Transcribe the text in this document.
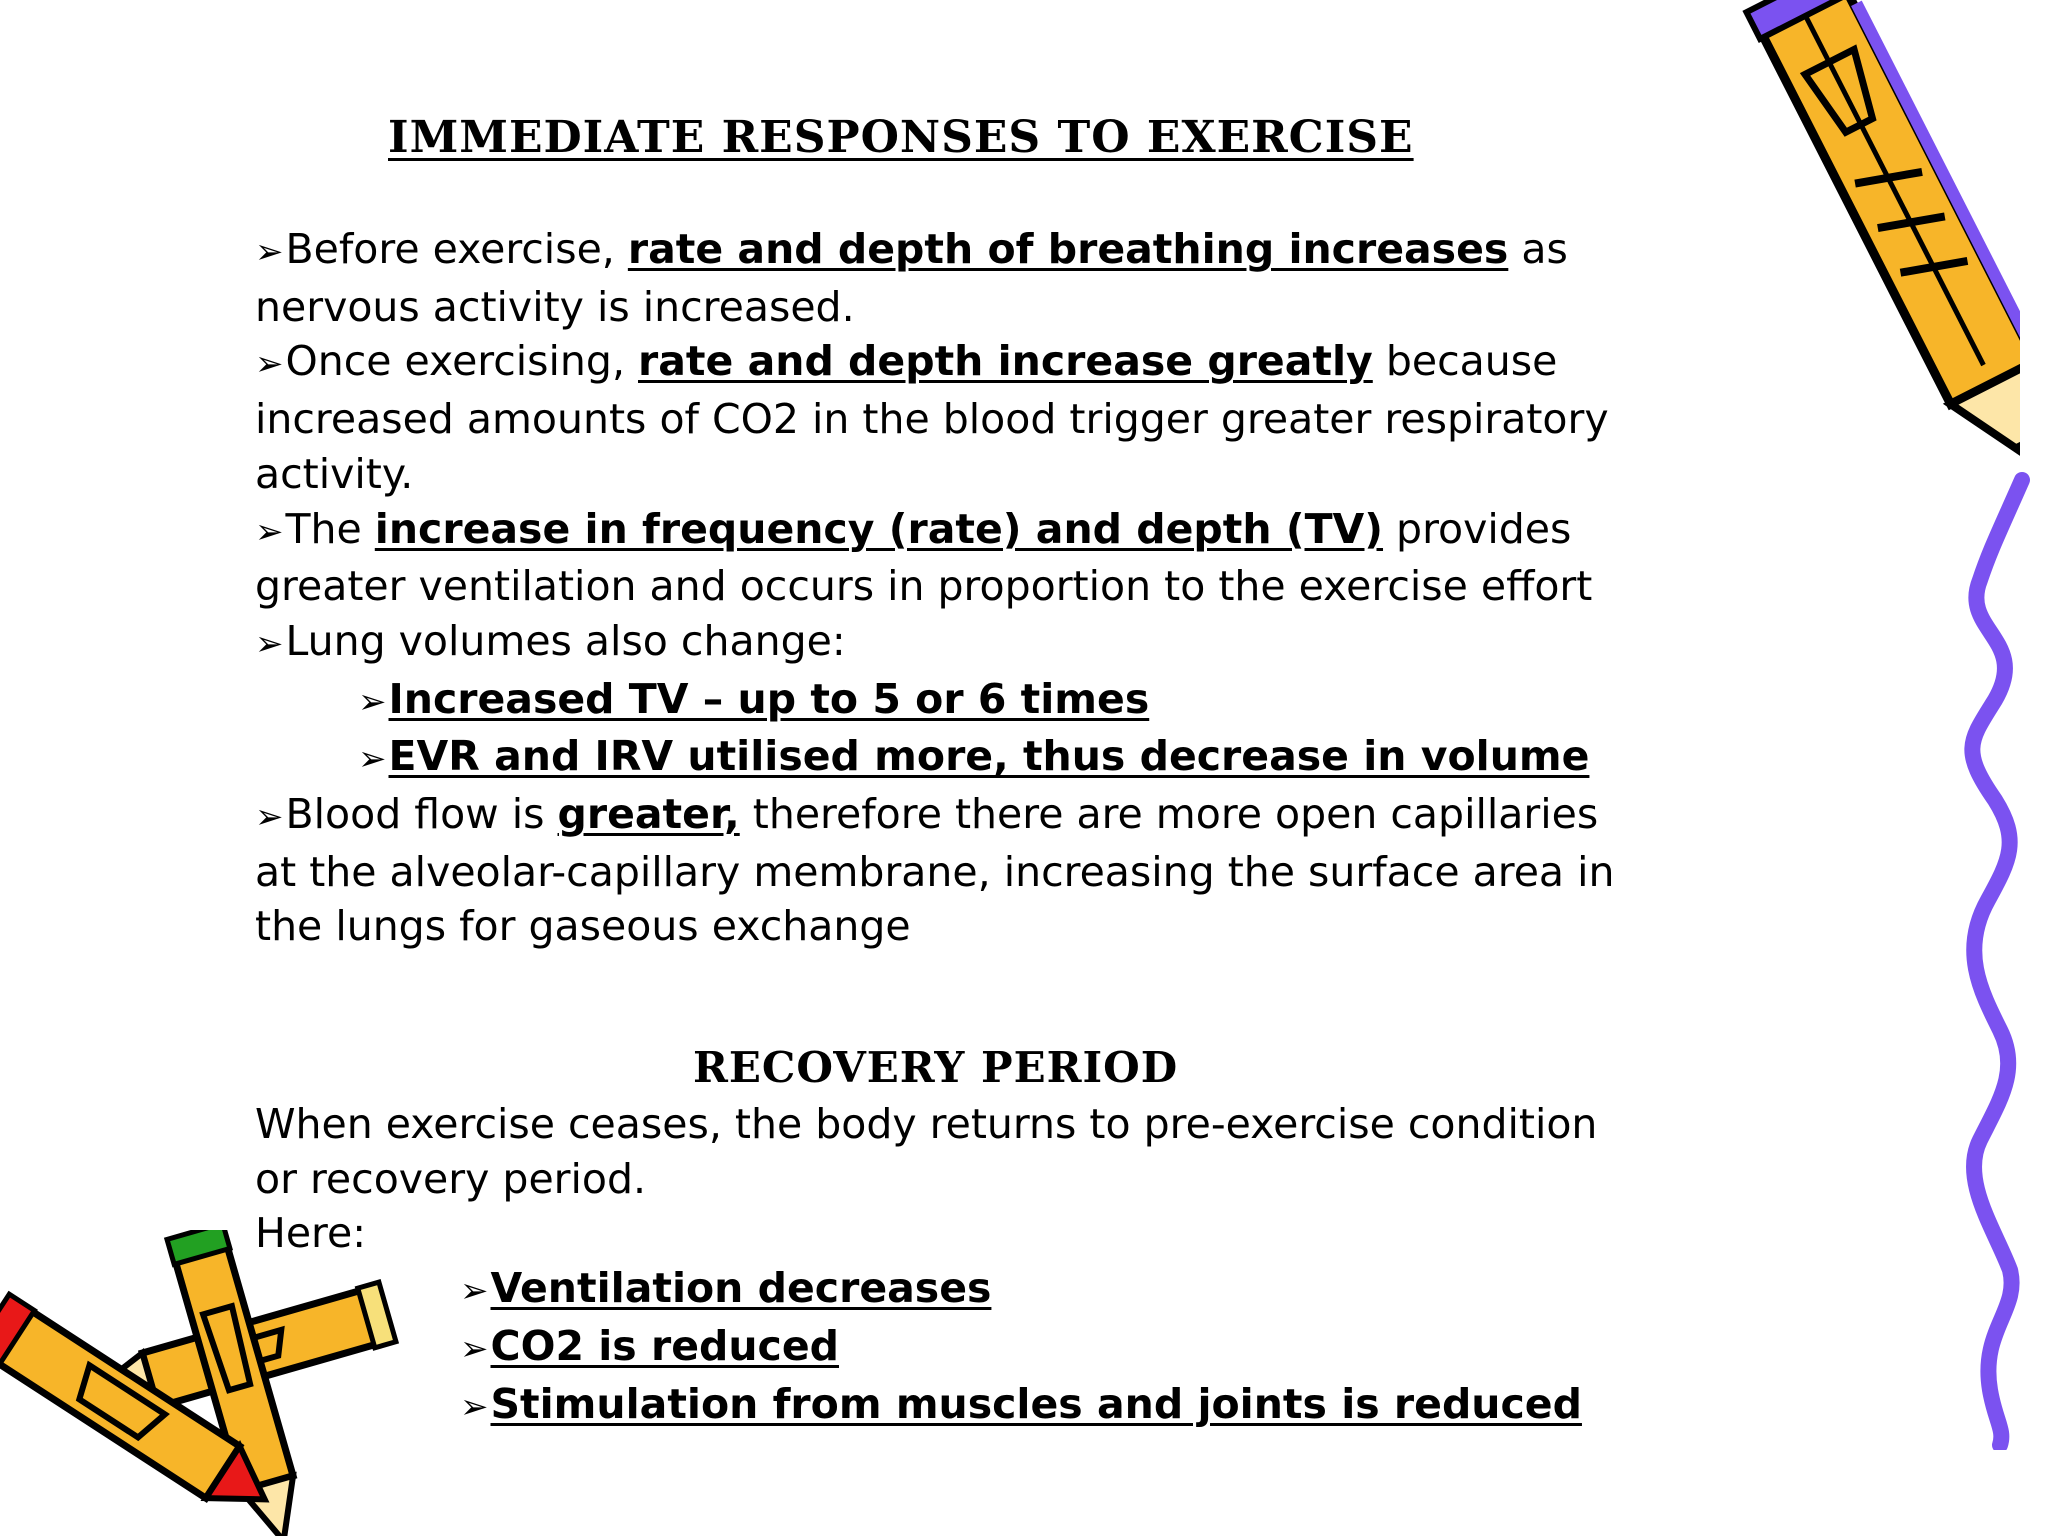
IMMEDIATE RESPONSES TO EXERCISE

➢Before exercise, rate and depth of breathing increases as nervous activity is increased.

➢Once exercising, rate and depth increase greatly because increased amounts of CO2 in the blood trigger greater respiratory activity.

➢The increase in frequency (rate) and depth (TV) provides greater ventilation and occurs in proportion to the exercise effort

➢Lung volumes also change:

➢Increased TV – up to 5 or 6 times

➢EVR and IRV utilised more, thus decrease in volume

➢Blood flow is greater, therefore there are more open capillaries at the alveolar-capillary membrane, increasing the surface area in the lungs for gaseous exchange

RECOVERY PERIOD

When exercise ceases, the body returns to pre-exercise condition or recovery period.

Here:

➢Ventilation decreases

➢CO2 is reduced

➢Stimulation from muscles and joints is reduced
